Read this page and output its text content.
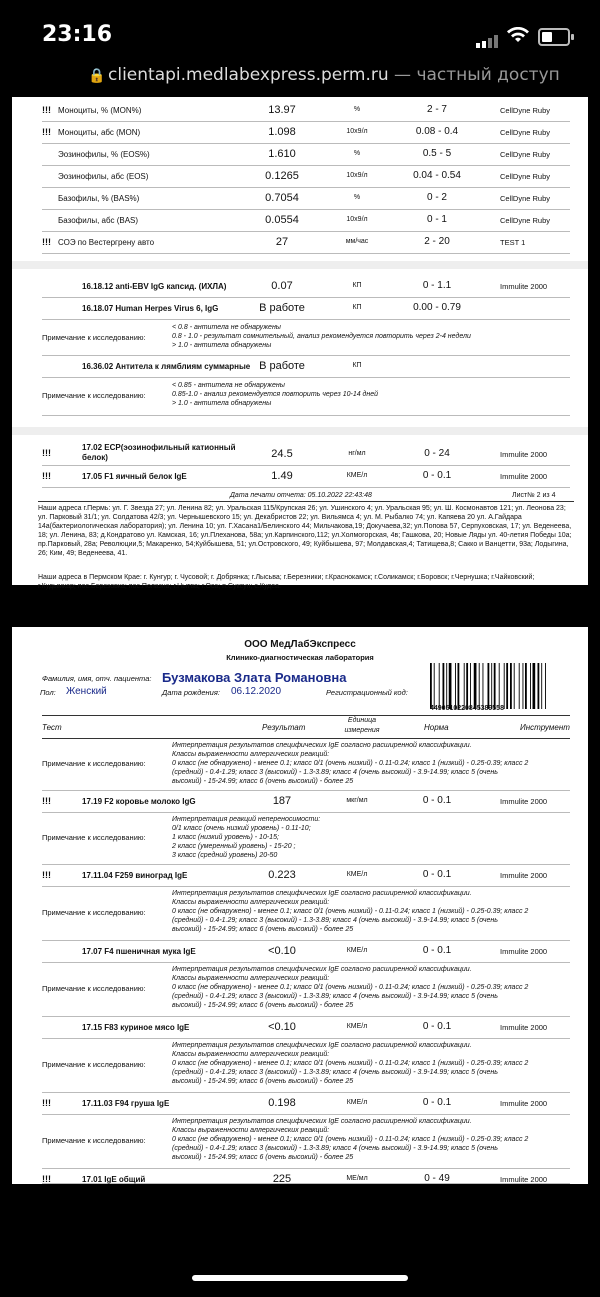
23:16
🔒 clientapi.medlabexpress.perm.ru — частный доступ
!!! Моноциты, % (MON%)	13.97	%	2 - 7	CellDyne Ruby
!!! Моноциты, абс (MON)	1.098	10х9/л	0.08 - 0.4	CellDyne Ruby
Эозинофилы, % (EOS%)	1.610	%	0.5 - 5	CellDyne Ruby
Эозинофилы, абс (EOS)	0.1265	10х9/л	0.04 - 0.54	CellDyne Ruby
Базофилы, % (BAS%)	0.7054	%	0 - 2	CellDyne Ruby
Базофилы, абс (BAS)	0.0554	10х9/л	0 - 1	CellDyne Ruby
!!! СОЭ по Вестергрену авто	27	мм/час	2 - 20	TEST 1
16.18.12 anti-EBV IgG капсид. (ИХЛА)	0.07	КП	0 - 1.1	Immulite 2000
16.18.07 Human Herpes Virus 6, IgG	В работе	КП	0.00 - 0.79
Примечание к исследованию:
< 0.8 - антитела не обнаружены
0.8 - 1.0 - результат сомнительный, анализ рекомендуется повторить через 2-4 недели
> 1.0 - антитела обнаружены
16.36.02 Антитела к лямблиям суммарные В работе	КП
Примечание к исследованию:
< 0.85 - антитела не обнаружены
0.85-1.0 - анализ рекомендуется повторить через 10-14 дней
> 1.0 - антитела обнаружены
!!!
17.02 ECP(эозинофильный катионный
белок)	24.5	нг/мл	0 - 24	Immulite 2000
!!!	17.05 F1 яичный белок IgE	1.49	КМЕ/л	0 - 0.1	Immulite 2000
Дата печати отчета: 05.10.2022 22:43:48	Лист№ 2 из 4
Наши адреса г.Пермь: ул. Г. Звезда 27; ул. Ленина 82; ул. Уральская 115/Крупская 26; ул. Ушинского 4; ул. Уральская 95; ул. Ш. Космонавтов 121; ул. Леонова 23; ул. Парковый 31/1; ул. Солдатова 42/3; ул. Чернышевского 15; ул. Декабристов 22; ул. Вильямса 4; ул. М. Рыбалко 74; ул. Капяева 20 ул. А.Гайдара 14а(бактериологическая лаборатория); ул. Ленина 10; ул. Г.Хасана1/Белинского 44; Мильчакова,19; Докучаева,32; ул.Попова 57, Серпуховская, 17; ул. Веденеева, 18; ул. Ленина, 83; д.Кондратово ул. Камская, 16; ул.Плеханова, 58а; ул.Карпинского,112; ул.Холмогорская, 4в; Гашкова, 20; Новые Ляды ул. 40-летия Победы 10а; пр.Парковый, 28а; Революции,5; Макаренко, 54;Куйбышева, 51; ул.Островского, 49; Куйбышева, 97; Молдавская,4; Татищева,8; Сакко и Ванцетти, 93а; Лодыгина, 26; Ким, 49; Веденеева, 41.
Наши адреса в Пермском Крае: г. Кунгур; г. Чусовой; г. Добрянка; г.Лысьва; г.Березники; г.Краснокамск; г.Соликамск; г.Боровск; г.Чернушка; г.Чайковский; г.Кудымкар; пос.Березовка; пос.Полазна; г.Нытва; г.Оса; п.Суксун; с.Кудеа.
ООО МедЛабЭкспресс
Клинико-диагностическая лаборатория
Фамилия, имя, отч. пациента: Бузмакова Злата Романовна
Пол: Женский	Дата рождения: 06.12.2020	Регистрационный код:
4490510220845389558
Тест	Результат
Единица
измерения	Норма	Инструмент
Примечание к исследованию:
Интерпретация результатов специфических IgE согласно расширенной классификации.
Классы выраженности аллергических реакций:
0 класс (не обнаружено) - менее 0.1; класс 0/1 (очень низкий) - 0.11-0.24; класс 1 (низкий) - 0.25-0.39; класс 2
(средний) - 0.4-1.29; класс 3 (высокий) - 1.3-3.89; класс 4 (очень высокий) - 3.9-14.99; класс 5 (очень
высокий) - 15-24.99; класс 6 (очень высокий) - более 25
!!!	17.19 F2 коровье молоко IgG	187	мкг/мл	0 - 0.1	Immulite 2000
Примечание к исследованию:
Интерпретация реакций непереносимости:
0/1 класс (очень низкий уровень) - 0.11-10;
1 класс (низкий уровень) - 10-15;
2 класс (умеренный уровень) - 15-20 ;
3 класс (средний уровень) 20-50
!!!	17.11.04 F259 виноград IgE	0.223	КМЕ/л	0 - 0.1	Immulite 2000
Примечание к исследованию:
Интерпретация результатов специфических IgE согласно расширенной классификации.
Классы выраженности аллергических реакций:
0 класс (не обнаружено) - менее 0.1; класс 0/1 (очень низкий) - 0.11-0.24; класс 1 (низкий) - 0.25-0.39; класс 2
(средний) - 0.4-1.29; класс 3 (высокий) - 1.3-3.89; класс 4 (очень высокий) - 3.9-14.99; класс 5 (очень
высокий) - 15-24.99; класс 6 (очень высокий) - более 25
17.07 F4 пшеничная мука IgE	<0.10	КМЕ/л	0 - 0.1	Immulite 2000
Примечание к исследованию:
Интерпретация результатов специфических IgE согласно расширенной классификации.
Классы выраженности аллергических реакций:
0 класс (не обнаружено) - менее 0.1; класс 0/1 (очень низкий) - 0.11-0.24; класс 1 (низкий) - 0.25-0.39; класс 2
(средний) - 0.4-1.29; класс 3 (высокий) - 1.3-3.89; класс 4 (очень высокий) - 3.9-14.99; класс 5 (очень
высокий) - 15-24.99; класс 6 (очень высокий) - более 25
17.15 F83 куриное мясо IgE	<0.10	КМЕ/л	0 - 0.1	Immulite 2000
Примечание к исследованию:
Интерпретация результатов специфических IgE согласно расширенной классификации.
Классы выраженности аллергических реакций:
0 класс (не обнаружено) - менее 0.1; класс 0/1 (очень низкий) - 0.11-0.24; класс 1 (низкий) - 0.25-0.39; класс 2
(средний) - 0.4-1.29; класс 3 (высокий) - 1.3-3.89; класс 4 (очень высокий) - 3.9-14.99; класс 5 (очень
высокий) - 15-24.99; класс 6 (очень высокий) - более 25
!!!	17.11.03 F94 груша IgE	0.198	КМЕ/л	0 - 0.1	Immulite 2000
Примечание к исследованию:
Интерпретация результатов специфических IgE согласно расширенной классификации.
Классы выраженности аллергических реакций:
0 класс (не обнаружено) - менее 0.1; класс 0/1 (очень низкий) - 0.11-0.24; класс 1 (низкий) - 0.25-0.39; класс 2
(средний) - 0.4-1.29; класс 3 (высокий) - 1.3-3.89; класс 4 (очень высокий) - 3.9-14.99; класс 5 (очень
высокий) - 15-24.99; класс 6 (очень высокий) - более 25
!!!	17.01 IgE общий	225	МЕ/мл	0 - 49	Immulite 2000
